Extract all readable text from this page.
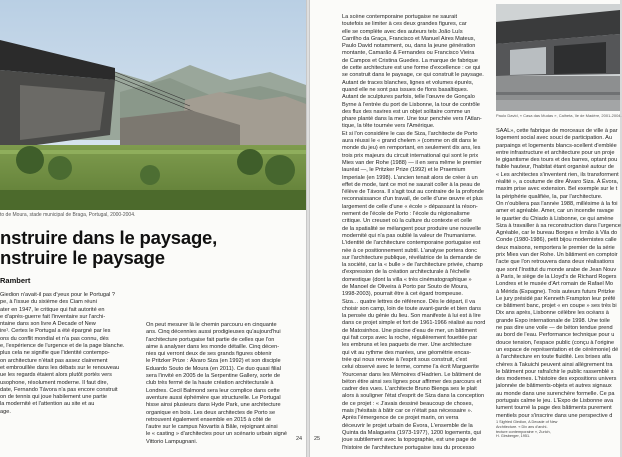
to de Moura, stade municipal de Braga, Portugal, 2000-2004.
nstruire dans le paysage,
nstruire le paysage
Rambert

Giedion n'avait-il pas d'yeux pour le Portugal ?

pe, à l'issue du sixième des Ciam réuni

ater en 1947, le critique qui fait autorité en

e d'après-guerre fait l'inventaire sur l'archi-

ntaine dans son livre A Decade of New

ire¹. Certes le Portugal a été épargné par les

ons du conflit mondial et n'a pas connu, dès

e, l'expérience de l'urgence et de la page blanche.

plus cela ne signifie que l'identité contempo-

on architecture n'était pas assez clairement

et embrouillée dans les débats sur le renouveau

ue les regards étaient alors plutôt portés vers

usophone, résolument moderne. Il faut dire,

date, Fernando Távora n'a pas encore construit

on de tennis qui joue habilement une partie

la modernité et l'attention au site et au

age.

On peut mesurer là le chemin parcouru en cinquante

ans. Cinq décennies aussi prodigieuses qu'aujourd'hui

l'architecture portugaise fait partie de celles que l'on

aime à analyser dans les monde détaille. Cinq décen-

nies qui verront deux de ses grands figures obtenir

le Pritzker Prize : Álvaro Siza (en 1992) et son disciple

Eduardo Souto de Moura (en 2011). Ce duo quasi filial

sera l'invité en 2005 de la Serpentine Gallery, sorte de

club très fermé de la haute création architecturale à

Londres. Cecil Balmond sera leur complice dans cette

aventure aussi éphémère que structurelle. Le Portugal

hisse ainsi plusieurs dans Hyde Park, une architecture

organique en bois. Les deux architectes de Porto se

retrouvent également ensemble en 2015 à côté de

l'autre sur le campus Novartis à Bâle, rejoignant ainsi

le « casting » d'architectes pour un scénario urbain signé

Vittorio Lampugnani.	24 25

La scène contemporaine portugaise ne saurait

toutefois se limiter à ces deux grandes figures, car

elle se complète avec des auteurs tels João Luís

Carrilho da Graça, Francisco et Manuel Aires Mateus,

Paulo David notamment, ou, dans la jeune génération

montante, Camarão & Fernandes ou Francisco Vieira

de Campos et Cristina Guedes. La marque de fabrique

de cette architecture est une forme d'excellence : ce qui

se construit dans le paysage, ce qui construit le paysage.

Autant de traces blanches, lignes et volumes épurés,

quand elle ne sont pas issues de flons basaltiques.

Autant de sculptures parfois, telle l'œuvre de Gonçalo

Byrne à l'entrée du port de Lisbonne, la tour de contrôle

des flux des navires est un objet solitaire comme un

phare planté dans la mer. Une tour penchée vers l'Atlan-

tique, la tête tournée vers l'Amérique.

Et si l'on considère le cas de Siza, l'architecte de Porto

aura réussi le « grand chelem » (comme on dit dans le

monde du jeu) en remportant, en seulement dix ans, les

trois prix majeurs du circuit international qui sont le prix

Mies van der Rohe (1988) — il en sera même le premier

lauréat —, le Pritzker Prize (1992) et le Praemium

Imperiale (en 1998). L'ancien tenait alors de créer à un

effet de mode, tant ce mot ne saurait coller à la peau de

l'élève de Távora. Il s'agit tout au contraire de la profonde

reconnaissance d'un travail, de celle d'une œuvre et plus

largement de celle d'une « école » dépassant la réson-

nement de l'école de Porto : l'école du régionalisme

critique. Un creuset où la culture du contexte et celle

de la spatialité se mélangent pour produire une nouvelle

modernité qui n'a pas oublié la valeur de l'humanisme.

L'identité de l'architecture contemporaine portugaise est

née à ce positionnement subtil. L'analyse portera donc

sur l'architecture publique, révélatrice de la demande de

la société, car la « bulle » de l'architecture privée, champ

d'expression de la création architecturale à l'échelle

domestique (dont la villa « très cinématographique »

de Manoel de Oliveira à Porto par Souto de Moura,

1998-2003), pourrait être à cet égard trompeuse.

Siza… quatre lettres de référence. Dès le départ, il va

choisir son camp, loin de toute avant-garde et bien dans

la pensée du génie du lieu. Son manifeste à lui est à lire

dans ce projet simple et fort de 1961-1966 réalisé au nord

de Matosinhos. Une piscine d'eau de mer, un bâtiment

qui fait corps avec la roche, régulièrement fouettée par

les embruns et les paquets de mer. Une architecture

qui vit au rythme des marées, une géométrie encas-

trée qui nous renvoie à l'esprit sous construit, c'est

celui observé avec le terme, comme l'a écrit Marguerite

Yourcenar dans les Mémoires d'Hadrien. Le bâtiment de

béton étire ainsi ses lignes pour affirmer des parcours et

cadrer des vues. L'architecte Bruno Bienga ses le plait

alors à souligner l'état d'esprit de Siza dans la conception

de ce projet : « J'avais dessiné beaucoup de choses,

mais j'hésitais à bâtir car ce n'était pas nécessaire ».

Après l'émergence de ce projet marin, on verra

déceuvrir le projet urbain de Évora, L'ensemble de la

Quinta da Malagueira (1973-1977), 1200 logements, qui

joue subtilement avec la topographie, est une page de

l'histoire de l'architecture portugaise issu du processo

Paulo David, « Casa das Mudas », Calheta, île de Madère, 2001-2004.

SAAL», cette fabrique de morceaux de ville à par

logement social avec souci de participation. Au

parpaings et logements blancs-scellent d'emblée

entre infrastructure et architecture pour un proje

le gigantisme des tours et des barres, optant pou

faible hauteur, l'habitat étant organisé autour de

« Les architectes s'inventent rien, ils transforment

réalité », a coutume de dire Álvaro Siza. À Évora,

maxim prise avec extension. Bel exemple sur le t

la périphérie qualifiée, la, par l'architecture.

On n'oubliera pas l'année 1988, millésime à la foi

amer et agréable. Amer, car un incendie ravage

le quartier du Chiado à Lisbonne, ce qui amène

Siza à travailler à sa reconstruction dans l'urgence

Agréable, car le bureau Borges e Irmão à Vila do

Conde (1980-1986), petit bijou modernistes calle

deux maisons, remportera le premier de la série

prix Mies van der Rohe. Un bâtiment en comptoir

l'acte que l'on retrouvera dans deux réalisations

que sont l'Institut du monde arabe de Jean Nouv

à Paris, le siège de la Lloyd's de Richard Rogers

Londres et le musée d'Art romain de Rafael Mo

à Mérida (Espagne). Trois auteurs futurs Pritzke

Le jury présidé par Kenneth Frampton leur préfé

ce bâtiment banc, projet « en coupe » ses très bi

Dix ans après, Lisbonne célèbre les océans à

grande Expo internationale de 1998. Une toile

ne pas dire une voile — de béton tendue prend

au bord de l'eau. Performance technique pour u

douce tension, l'espace public (conçu à l'origine

un espace de représentation et de cérémonie) dé

à l'architecture en toute fluidité. Les brises atla

chères à Takuichi peuvent ainsi allègrement tra

le bâtiment pour rafraîchir le public rassemblé s

des modernes. L'histoire des expositions univers

jalonnée de bâtiments-objets et autres signaux

au monde dans une surenchère formelle. Ce pa

portugais calme le jeu. L'Expo de Lisbonne ava

lument tourné la page des bâtiments purement

mentiels pour s'inscrire dans une perspective d

1 Sigfried Giedion, A Decade of New

Architecture. « Dix ans d'archi-

tecture contemporaine », Zurich,

H. Girsberger, 1951.
